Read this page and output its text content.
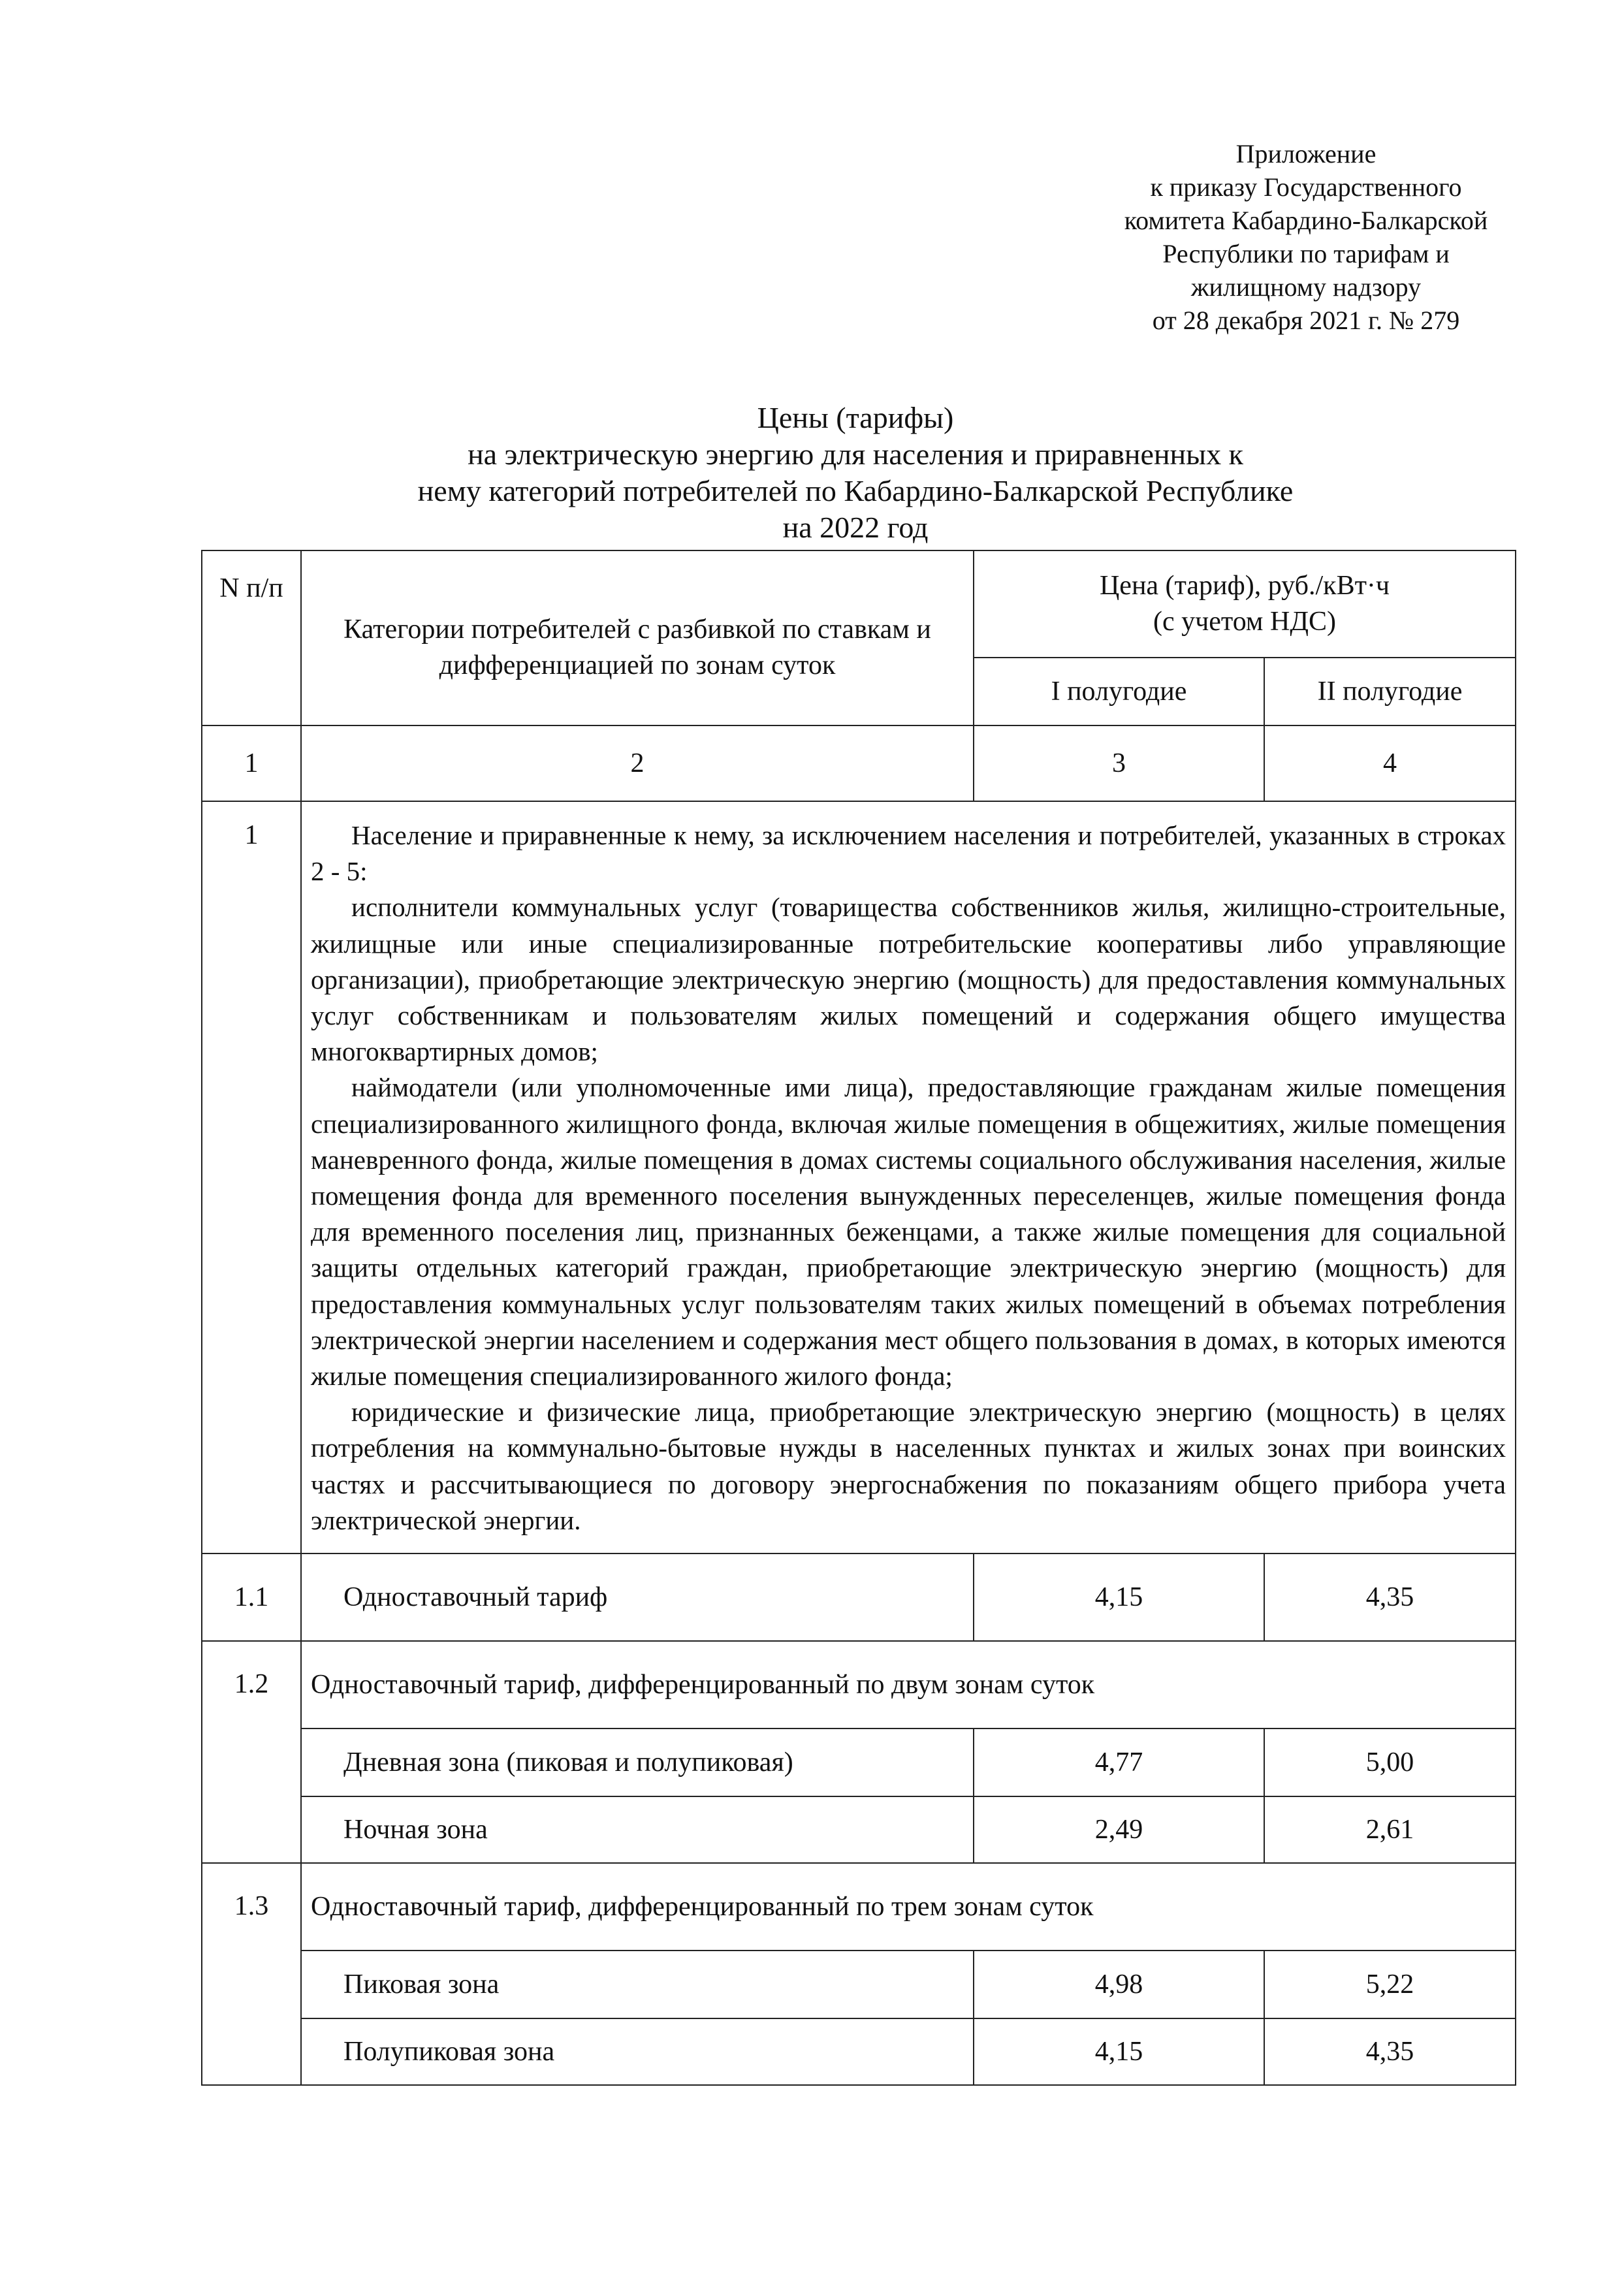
Приложение
к приказу Государственного
комитета Кабардино-Балкарской
Республики по тарифам и
жилищному надзору
от 28 декабря 2021 г. № 279
Цены (тарифы)
на электрическую энергию для населения и приравненных к
нему категорий потребителей по Кабардино-Балкарской Республике
на 2022 год
N п/п	Категории потребителей с разбивкой по ставкам и дифференциацией по зонам суток	Цена (тариф), руб./кВт·ч
(с учетом НДС)	

		I полугодие	II полугодие
1	2	3	4
1	Население и приравненные к нему, за исключением населения и потребителей, указанных в строках 2 - 5:

исполнители коммунальных услуг (товарищества собственников жилья, жилищно-строительные, жилищные или иные специализированные потребительские кооперативы либо управляющие организации), приобретающие электрическую энергию (мощность) для предоставления коммунальных услуг собственникам и пользователям жилых помещений и содержания общего имущества многоквартирных домов;

наймодатели (или уполномоченные ими лица), предоставляющие гражданам жилые помещения специализированного жилищного фонда, включая жилые помещения в общежитиях, жилые помещения маневренного фонда, жилые помещения в домах системы социального обслуживания населения, жилые помещения фонда для временного поселения вынужденных переселенцев, жилые помещения фонда для временного поселения лиц, признанных беженцами, а также жилые помещения для социальной защиты отдельных категорий граждан, приобретающие электрическую энергию (мощность) для предоставления коммунальных услуг пользователям таких жилых помещений в объемах потребления электрической энергии населением и содержания мест общего пользования в домах, в которых имеются жилые помещения специализированного жилого фонда;

юридические и физические лица, приобретающие электрическую энергию (мощность) в целях потребления на коммунально-бытовые нужды в населенных пунктах и жилых зонах при воинских частях и рассчитывающиеся по договору энергоснабжения по показаниям общего прибора учета электрической энергии.		

1.1	Одноставочный тариф	4,15	4,35
1.2	Одноставочный тариф, дифференцированный по двум зонам суток		
	Дневная зона (пиковая и полупиковая)	4,77	5,00
	Ночная зона	2,49	2,61
1.3	Одноставочный тариф, дифференцированный по трем зонам суток		
	Пиковая зона	4,98	5,22
	Полупиковая зона	4,15	4,35
